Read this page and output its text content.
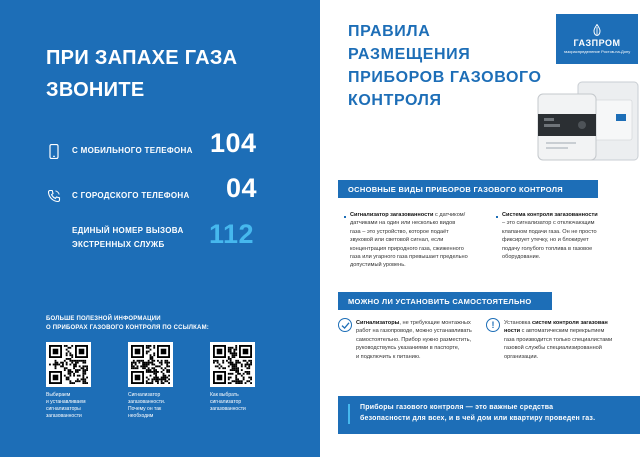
ПРИ ЗАПАХЕ ГАЗА
ЗВОНИТЕ
С МОБИЛЬНОГО ТЕЛЕФОНА 104
С ГОРОДСКОГО ТЕЛЕФОНА 04
ЕДИНЫЙ НОМЕР ВЫЗОВА
ЭКСТРЕННЫХ СЛУЖБ	112
БОЛЬШЕ ПОЛЕЗНОЙ ИНФОРМАЦИИ
О ПРИБОРАХ ГАЗОВОГО КОНТРОЛЯ ПО ССЫЛКАМ:
Выбираем
и устанавливаем
сигнализаторы
загазованности
Сигнализатор
загазованности.
Почему он так
необходим
Как выбрать
сигнализатор
загазованности
ПРАВИЛА
РАЗМЕЩЕНИЯ
ПРИБОРОВ ГАЗОВОГО
КОНТРОЛЯ
ГАЗПРОМ
газораспределение Ростов-на-Дону
ОСНОВНЫЕ ВИДЫ ПРИБОРОВ ГАЗОВОГО КОНТРОЛЯ
Сигнализатор загазованности с датчиком/
датчиками на один или несколько видов
газа – это устройство, которое подаёт
звуковой или световой сигнал, если
концентрация природного газа, сжиженного
газа или угарного газа превышает предельно
допустимый уровень.
Система контроля загазованности
– это сигнализатор с отключающим
клапаном подачи газа. Он не просто
фиксирует утечку, но и блокирует
подачу голубого топлива в газовое
оборудование.
МОЖНО ЛИ УСТАНОВИТЬ САМОСТОЯТЕЛЬНО
Сигнализаторы, не требующие монтажных
работ на газопроводе, можно устанавливать
самостоятельно. Прибор нужно разместить,
руководствуясь указаниями в паспорте,
и подключить к питанию.
!	Установка систем контроля загазован
ности с автоматическим перекрытием
газа производится только специалистами
газовой службы специализированной
организации.
Приборы газового контроля — это важные средства
безопасности для всех, и в чей дом или квартиру проведен газ.
